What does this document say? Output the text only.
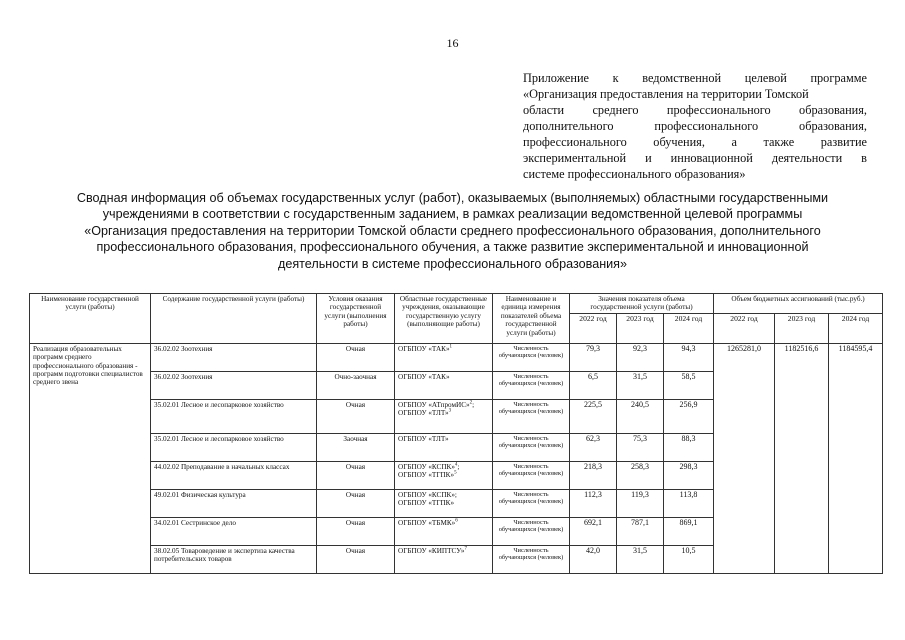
16
Приложение к ведомственной целевой программе
«Организация предоставления на территории Томской
области среднего профессионального образования,
дополнительного профессионального образования,
профессионального обучения, а также развитие
экспериментальной и инновационной деятельности в
системе профессионального образования»
Сводная информация об объемах государственных услуг (работ), оказываемых (выполняемых) областными государственными учреждениями в соответствии с государственным заданием, в рамках реализации ведомственной целевой программы «Организация предоставления на территории Томской области среднего профессионального образования, дополнительного профессионального образования, профессионального обучения, а также развитие экспериментальной и инновационной деятельности в системе профессионального образования»
Наименование государственной услуги (работы)	Содержание государственной услуги (работы)	Условия оказания государственной услуги (выполнения работы)	Областные государственные учреждения, оказывающие государственную услугу (выполняющие работы)	Наименование и единица измерения показателей объема государственной услуги (работы)	Значения показателя объема государственной услуги (работы)			Объем бюджетных ассигнований (тыс.руб.)		
					2022 год	2023 год	2024 год	2022 год	2023 год	2024 год
Реализация образовательных программ среднего профессионального образования - программ подготовки специалистов среднего звена	36.02.02 Зоотехния	Очная	ОГБПОУ «ТАК»$^1$	Численность обучающихся (человек)	79,3	92,3	94,3	1265281,0	1182516,6	1184595,4
	36.02.02 Зоотехния	Очно-заочная	ОГБПОУ «ТАК»	Численность обучающихся (человек)	6,5	31,5	58,5			
	35.02.01 Лесное и лесопарковое хозяйство	Очная	ОГБПОУ «АТпромИС»$^2$;
ОГБПОУ «ТЛТ»$^3$	Численность обучающихся (человек)	225,5	240,5	256,9			
	35.02.01 Лесное и лесопарковое хозяйство	Заочная	ОГБПОУ «ТЛТ»	Численность обучающихся (человек)	62,3	75,3	88,3			
	44.02.02 Преподавание в начальных классах	Очная	ОГБПОУ «КСПК»$^4$;
ОГБПОУ «ТГПК»$^5$	Численность обучающихся (человек)	218,3	258,3	298,3			
	49.02.01 Физическая культура	Очная	ОГБПОУ «КСПК»;
ОГБПОУ «ТГПК»	Численность обучающихся (человек)	112,3	119,3	113,8			
	34.02.01 Сестринское дело	Очная	ОГБПОУ «ТБМК»$^6$	Численность обучающихся (человек)	692,1	787,1	869,1			
	38.02.05 Товароведение и экспертиза качества потребительских товаров	Очная	ОГБПОУ «КИПТСУ»$^7$	Численность обучающихся (человек)	42,0	31,5	10,5			
